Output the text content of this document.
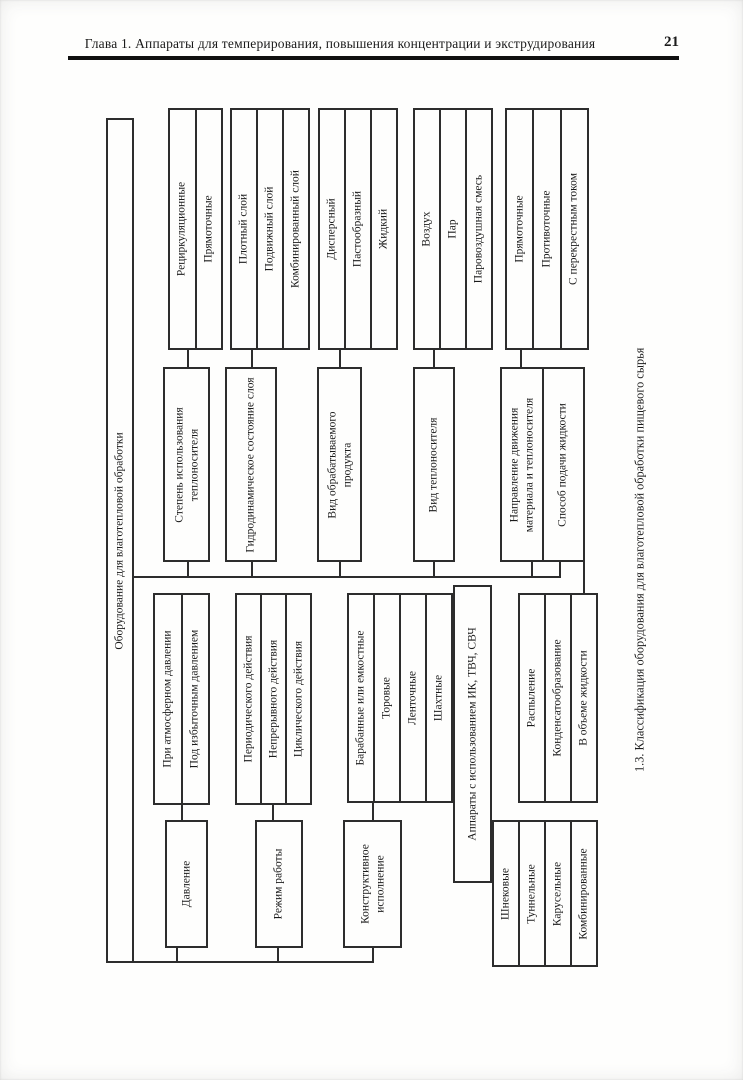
Глава 1. Аппараты для темперирования, повышения концентрации и экструдирования	21
Оборудование для влаготепловой обработки
Рециркуляционные Прямоточные Плотный слой Подвижный слой Комбинированный слой Дисперсный Пастообразный Жидкий	Воздух Пар Паровоздушная смесь Прямоточные Противоточные С перекрестным током
Степень использования теплоносителя	Гидродинамическое состояние слоя	Вид обрабатываемого продукта	Вид теплоносителя	Направление движения материала и теплоносителя Способ подачи жидкости
При атмосферном давлении Под избыточным давлением	Периодического действия Непрерывного действия Циклического действия	Барабанные или емкостные Торовые Ленточные Шахтные	Распыление Конденсатообразование В объеме жидкости
Давление	Режим работы	Конструктивное исполнение
Аппараты с использованием ИК, ТВЧ, СВЧ
Шнековые Туннельные Карусельные Комбинированные
1.3. Классификация оборудования для влаготепловой обработки пищевого сырья
